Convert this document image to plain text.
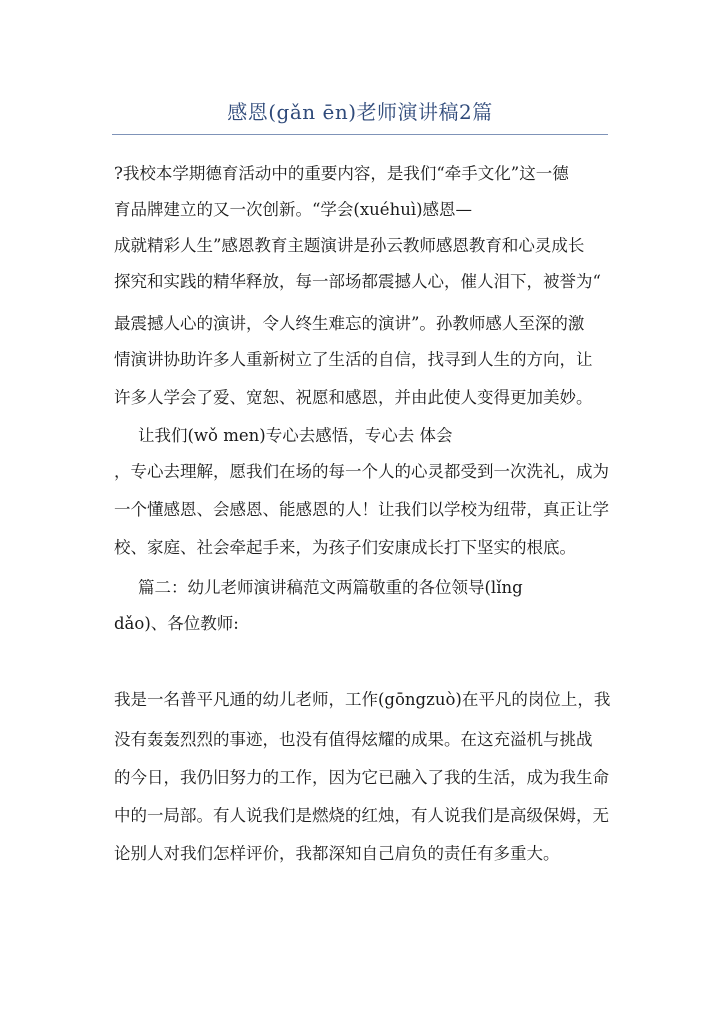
感恩(gǎn ēn)老师演讲稿2篇
?我校本学期德育活动中的重要内容，是我们“牵手文化”这一德
育品牌建立的又一次创新。“学会(xuéhuì)感恩—
成就精彩人生”感恩教育主题演讲是孙云教师感恩教育和心灵成长
探究和实践的精华释放，每一部场都震撼人心，催人泪下，被誉为“
最震撼人心的演讲，令人终生难忘的演讲”。孙教师感人至深的激
情演讲协助许多人重新树立了生活的自信，找寻到人生的方向，让
许多人学会了爱、宽恕、祝愿和感恩，并由此使人变得更加美妙。
让我们(wǒ men)专心去感悟，专心去 体会
，专心去理解，愿我们在场的每一个人的心灵都受到一次洗礼，成为
一个懂感恩、会感恩、能感恩的人！让我们以学校为纽带，真正让学
校、家庭、社会牵起手来，为孩子们安康成长打下坚实的根底。
篇二：幼儿老师演讲稿范文两篇敬重的各位领导(lǐng
dǎo)、各位教师:
我是一名普平凡通的幼儿老师，工作(gōngzuò)在平凡的岗位上，我
没有轰轰烈烈的事迹，也没有值得炫耀的成果。在这充溢机与挑战
的今日，我仍旧努力的工作，因为它已融入了我的生活，成为我生命
中的一局部。有人说我们是燃烧的红烛，有人说我们是高级保姆，无
论别人对我们怎样评价，我都深知自己肩负的责任有多重大。
